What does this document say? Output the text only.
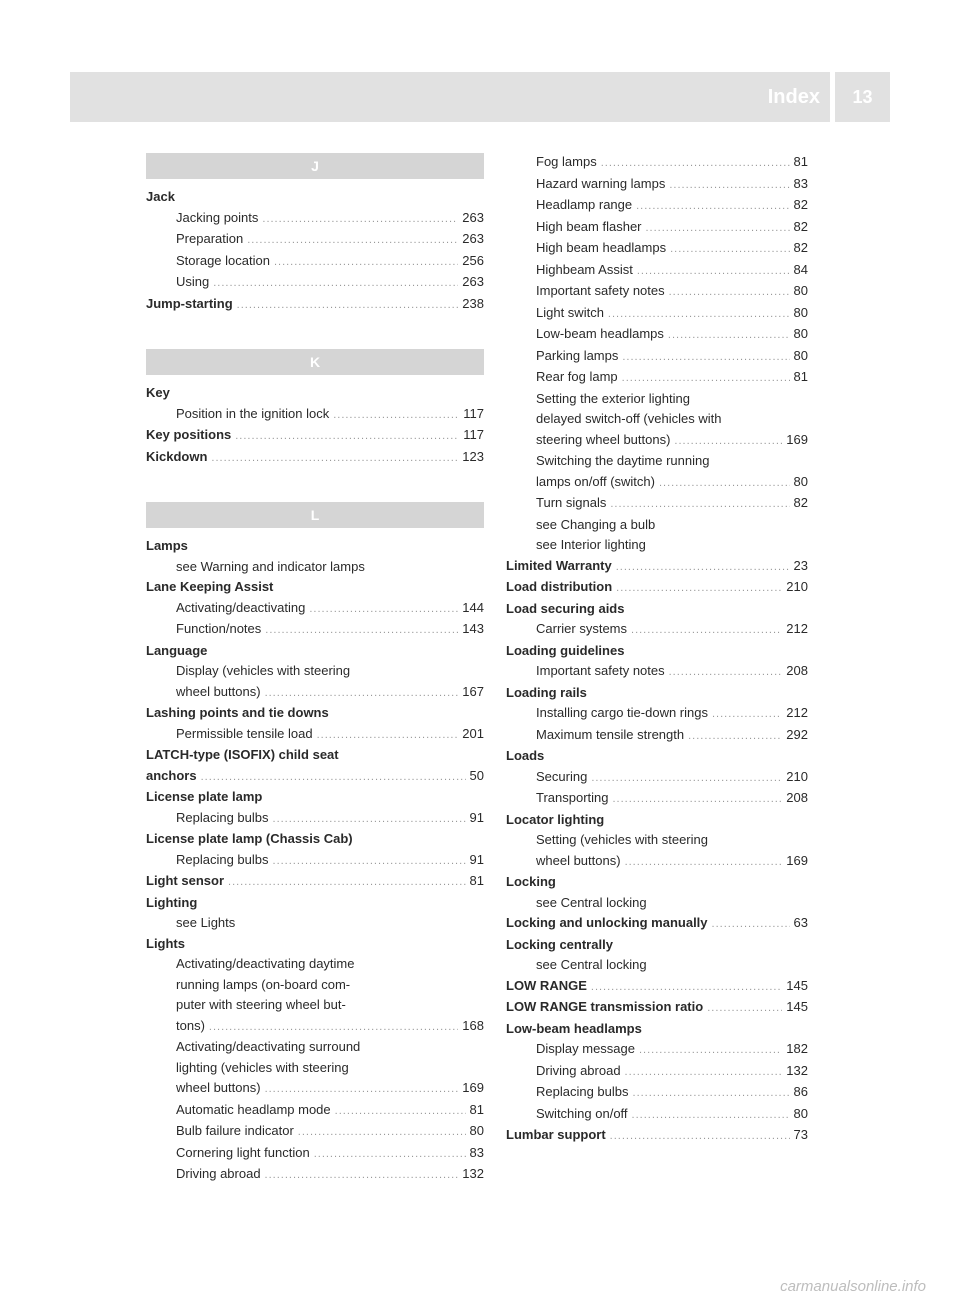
Index	13
J
Jack
Jacking points .....	263
Preparation .....	263
Storage location .....	256
Using .....	263
Jump-starting .....	238
K
Key
Position in the ignition lock .....	117
Key positions .....	117
Kickdown .....	123
L
Lamps
see Warning and indicator lamps
Lane Keeping Assist
Activating/deactivating .....	144
Function/notes .....	143
Language
Display (vehicles with steering
wheel buttons) .....	167
Lashing points and tie downs
Permissible tensile load .....	201
LATCH-type (ISOFIX) child seat
anchors .....	50
License plate lamp
Replacing bulbs .....	91
License plate lamp (Chassis Cab)
Replacing bulbs .....	91
Light sensor .....	81
Lighting
see Lights
Lights
Activating/deactivating daytime
running lamps (on-board com-
puter with steering wheel but-
tons) .....	168
Activating/deactivating surround
lighting (vehicles with steering
wheel buttons) .....	169
Automatic headlamp mode .....	81
Bulb failure indicator .....	80
Cornering light function .....	83
Driving abroad .....	132
Fog lamps .....	81
Hazard warning lamps .....	83
Headlamp range .....	82
High beam flasher .....	82
High beam headlamps .....	82
Highbeam Assist .....	84
Important safety notes .....	80
Light switch .....	80
Low-beam headlamps .....	80
Parking lamps .....	80
Rear fog lamp .....	81
Setting the exterior lighting
delayed switch-off (vehicles with
steering wheel buttons) .....	169
Switching the daytime running
lamps on/off (switch) .....	80
Turn signals .....	82
see Changing a bulb
see Interior lighting
Limited Warranty .....	23
Load distribution .....	210
Load securing aids
Carrier systems .....	212
Loading guidelines
Important safety notes .....	208
Loading rails
Installing cargo tie-down rings .....	212
Maximum tensile strength .....	292
Loads
Securing .....	210
Transporting .....	208
Locator lighting
Setting (vehicles with steering
wheel buttons) .....	169
Locking
see Central locking
Locking and unlocking manually .....	63
Locking centrally
see Central locking
LOW RANGE .....	145
LOW RANGE transmission ratio .....	145
Low-beam headlamps
Display message .....	182
Driving abroad .....	132
Replacing bulbs .....	86
Switching on/off .....	80
Lumbar support .....	73
carmanualsonline.info
